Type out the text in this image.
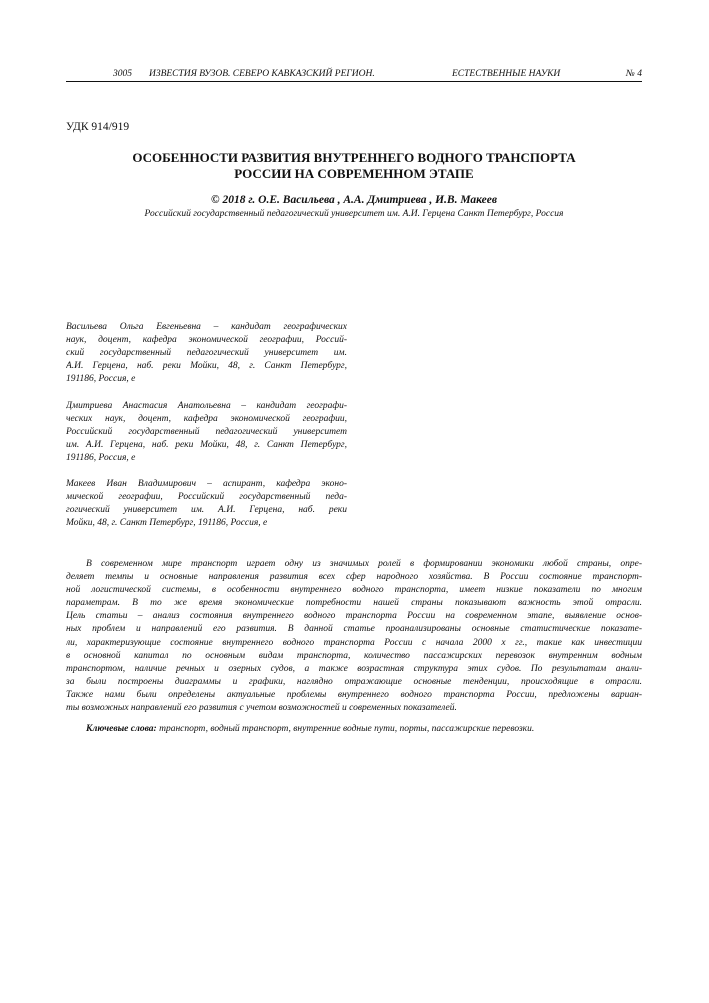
3005 ИЗВЕСТИЯ ВУЗОВ. СЕВЕРО КАВКАЗСКИЙ РЕГИОН.	ЕСТЕСТВЕННЫЕ НАУКИ	№ 4
УДК 914/919
ОСОБЕННОСТИ РАЗВИТИЯ ВНУТРЕННЕГО ВОДНОГО ТРАНСПОРТА
РОССИИ НА СОВРЕМЕННОМ ЭТАПЕ
© 2018 г. О.Е. Васильева , А.А. Дмитриева , И.В. Макеев
Российский государственный педагогический университет им. А.И. Герцена Санкт Петербург, Россия
Васильева Ольга Евгеньевна – кандидат географических
наук, доцент, кафедра экономической географии, Россий-
ский государственный педагогический университет им.
А.И. Герцена, наб. реки Мойки, 48, г. Санкт Петербург,
191186, Россия, e
Дмитриева Анастасия Анатольевна – кандидат географи-
ческих наук, доцент, кафедра экономической географии,
Российский государственный педагогический университет
им. А.И. Герцена, наб. реки Мойки, 48, г. Санкт Петербург,
191186, Россия, e
Макеев Иван Владимирович – аспирант, кафедра эконо-
мической географии, Российский государственный педа-
гогический университет им. А.И. Герцена, наб. реки
Мойки, 48, г. Санкт Петербург, 191186, Россия, e
В современном мире транспорт играет одну из значимых ролей в формировании экономики любой страны, опре-
деляет темпы и основные направления развития всех сфер народного хозяйства. В России состояние транспорт-
ной логистической системы, в особенности внутреннего водного транспорта, имеет низкие показатели по многим
параметрам. В то же время экономические потребности нашей страны показывают важность этой отрасли.
Цель статьи – анализ состояния внутреннего водного транспорта России на современном этапе, выявление основ-
ных проблем и направлений его развития. В данной статье проанализированы основные статистические показате-
ли, характеризующие состояние внутреннего водного транспорта России с начала 2000 х гг., такие как инвестиции
в основной капитал по основным видам транспорта, количество пассажирских перевозок внутренним водным
транспортом, наличие речных и озерных судов, а также возрастная структура этих судов. По результатам анали-
за были построены диаграммы и графики, наглядно отражающие основные тенденции, происходящие в отрасли.
Также нами были определены актуальные проблемы внутреннего водного транспорта России, предложены вариан-
ты возможных направлений его развития с учетом возможностей и современных показателей.
Ключевые слова: транспорт, водный транспорт, внутренние водные пути, порты, пассажирские перевозки.
